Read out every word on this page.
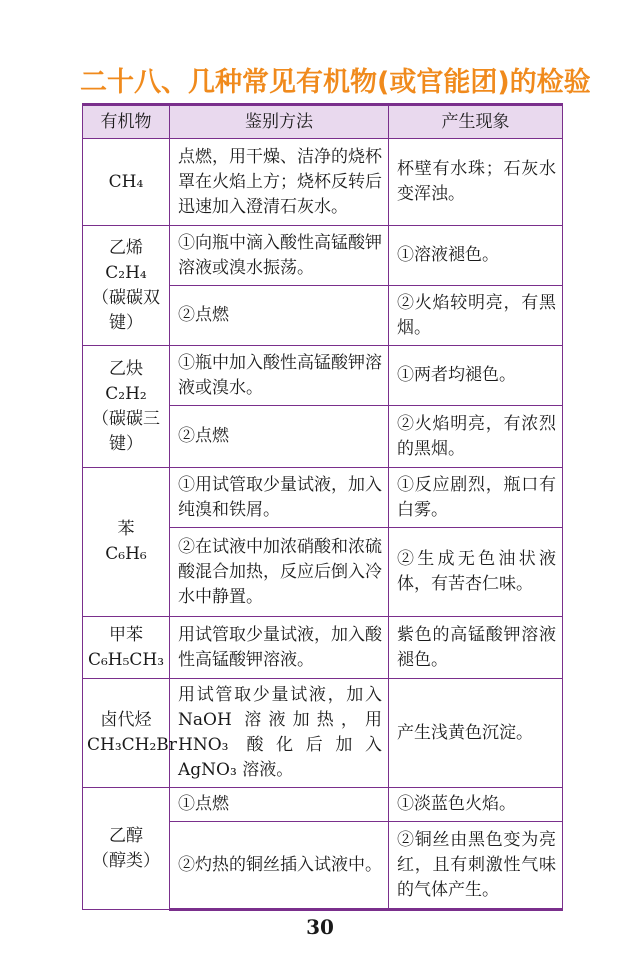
二十八、几种常见有机物(或官能团)的检验
有机物	鉴别方法	产生现象
CH₄	点燃，用干燥、洁净的烧杯罩在火焰上方；烧杯反转后迅速加入澄清石灰水。	杯壁有水珠；石灰水变浑浊。

乙烯 C₂H₄
（碳碳双键）	①向瓶中滴入酸性高锰酸钾溶液或溴水振荡。	①溶液褪色。
	②点燃	②火焰较明亮，有黑烟。

乙炔 C₂H₂
（碳碳三键）	①瓶中加入酸性高锰酸钾溶液或溴水。	①两者均褪色。
	②点燃	②火焰明亮，有浓烈的黑烟。

苯
C₆H₆	①用试管取少量试液，加入纯溴和铁屑。	①反应剧烈，瓶口有白雾。
	②在试液中加浓硝酸和浓硫酸混合加热，反应后倒入冷水中静置。	②生成无色油状液体，有苦杏仁味。

甲苯
C₆H₅CH₃	用试管取少量试液，加入酸性高锰酸钾溶液。	紫色的高锰酸钾溶液褪色。

卤代烃
CH₃CH₂Br	用试管取少量试液，加入 NaOH 溶液加热，用 HNO₃ 酸化后加入 AgNO₃ 溶液。	产生浅黄色沉淀。

乙醇
（醇类）	①点燃	①淡蓝色火焰。
	②灼热的铜丝插入试液中。	②铜丝由黑色变为亮红，且有刺激性气味的气体产生。
30
